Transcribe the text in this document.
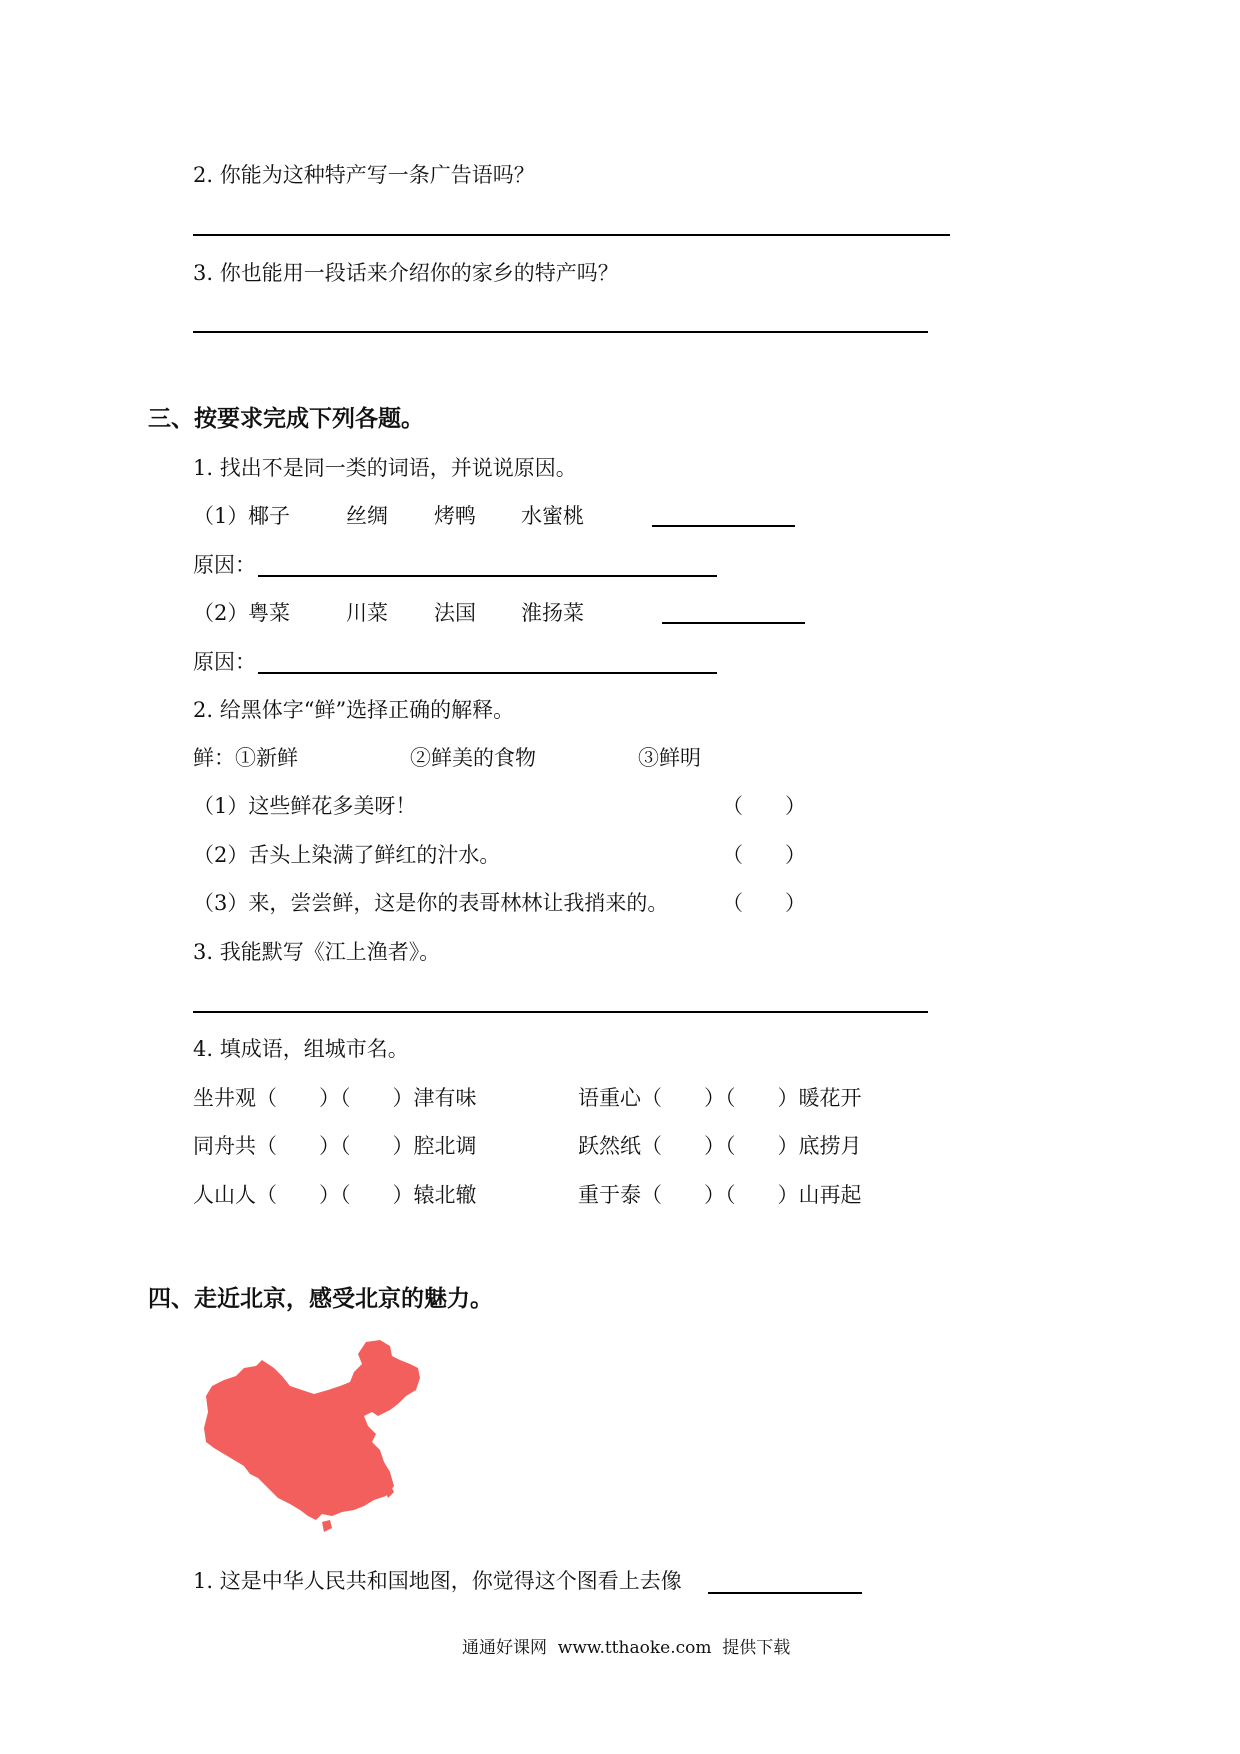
2. 你能为这种特产写一条广告语吗？
3. 你也能用一段话来介绍你的家乡的特产吗？
三、按要求完成下列各题。
1. 找出不是同一类的词语，并说说原因。
（1） 椰子	丝绸 烤鸭 水蜜桃
原因：
（2） 粤菜	川菜 法国 淮扬菜
原因：
2. 给黑体字“鲜”选择正确的解释。
鲜： ①新鲜	②鲜美的食物	③鲜明
（1）这些鲜花多美呀！	（　　）
（2）舌头上染满了鲜红的汁水。	（　　）
（3）来，尝尝鲜，这是你的表哥林林让我捎来的。	（　　）
3. 我能默写《江上渔者》。
4. 填成语，组城市名。
坐井观（　　）（　　）津有味	语重心（　　）（　　）暖花开
同舟共（　　）（　　）腔北调	跃然纸（　　）（　　）底捞月
人山人（　　）（　　）辕北辙	重于泰（　　）（　　）山再起
四、走近北京，感受北京的魅力。
1. 这是中华人民共和国地图，你觉得这个图看上去像
通通好课网  www.tthaoke.com  提供下载
